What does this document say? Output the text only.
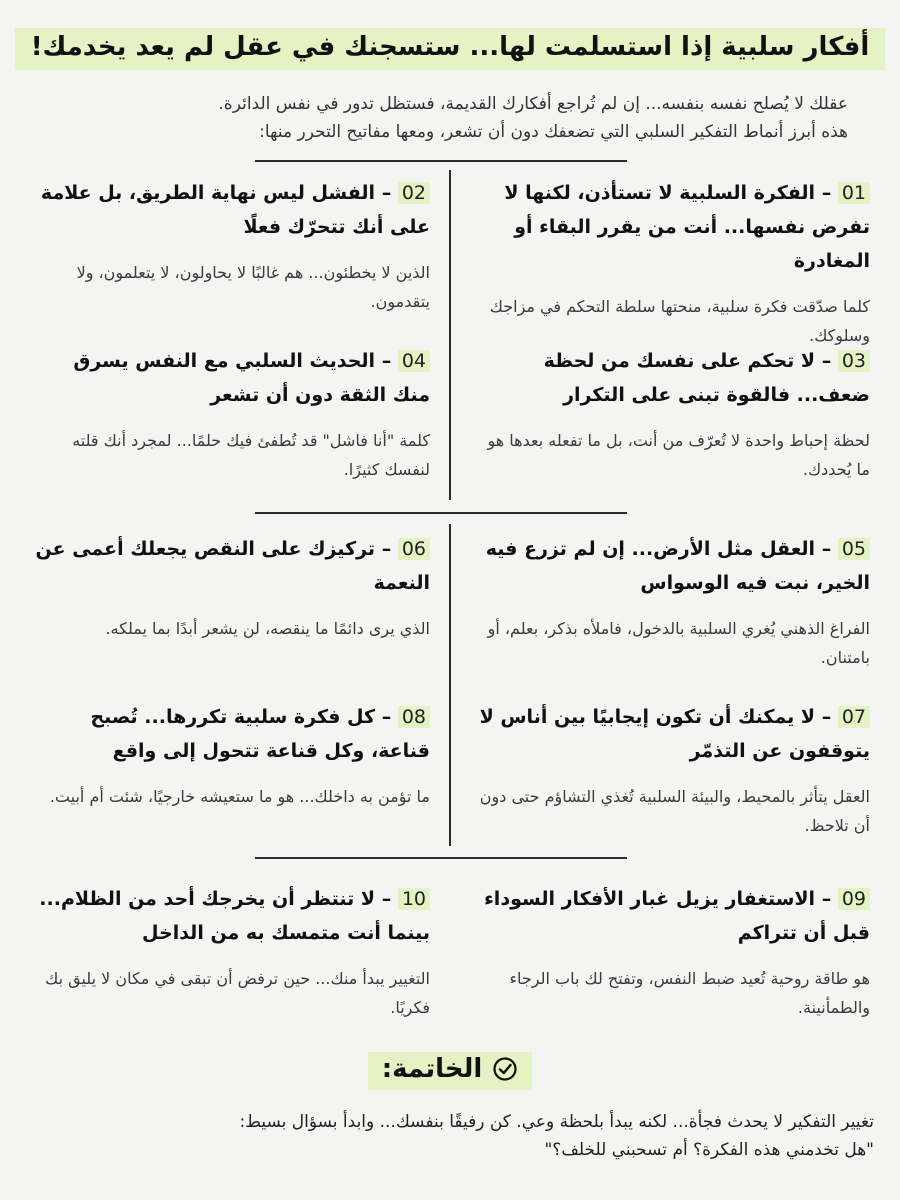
أفكار سلبية إذا استسلمت لها... ستسجنك في عقل لم يعد يخدمك!
عقلك لا يُصلح نفسه بنفسه... إن لم تُراجع أفكارك القديمة، فستظل تدور في نفس الدائرة.
هذه أبرز أنماط التفكير السلبي التي تضعفك دون أن تشعر، ومعها مفاتيح التحرر منها:
01 – الفكرة السلبية لا تستأذن، لكنها لا تفرض نفسها... أنت من يقرر البقاء أو المغادرة
كلما صدّقت فكرة سلبية، منحتها سلطة التحكم في مزاجك وسلوكك.
02 – الفشل ليس نهاية الطريق، بل علامة على أنك تتحرّك فعلًا
الذين لا يخطئون... هم غالبًا لا يحاولون، لا يتعلمون، ولا يتقدمون.
03 – لا تحكم على نفسك من لحظة ضعف... فالقوة تبنى على التكرار
لحظة إحباط واحدة لا تُعرّف من أنت، بل ما تفعله بعدها هو ما يُحددك.
04 – الحديث السلبي مع النفس يسرق منك الثقة دون أن تشعر
كلمة "أنا فاشل" قد تُطفئ فيك حلمًا... لمجرد أنك قلته لنفسك كثيرًا.
05 – العقل مثل الأرض... إن لم تزرع فيه الخير، نبت فيه الوسواس
الفراغ الذهني يُغري السلبية بالدخول، فاملأه بذكر، بعلم، أو بامتنان.
06 – تركيزك على النقص يجعلك أعمى عن النعمة
الذي يرى دائمًا ما ينقصه، لن يشعر أبدًا بما يملكه.
07 – لا يمكنك أن تكون إيجابيًا بين أناس لا يتوقفون عن التذمّر
العقل يتأثر بالمحيط، والبيئة السلبية تُغذي التشاؤم حتى دون أن تلاحظ.
08 – كل فكرة سلبية تكررها... تُصبح قناعة، وكل قناعة تتحول إلى واقع
ما تؤمن به داخلك... هو ما ستعيشه خارجيًا، شئت أم أبيت.
09 – الاستغفار يزيل غبار الأفكار السوداء قبل أن تتراكم
هو طاقة روحية تُعيد ضبط النفس، وتفتح لك باب الرجاء والطمأنينة.
10 – لا تنتظر أن يخرجك أحد من الظلام... بينما أنت متمسك به من الداخل
التغيير يبدأ منك... حين ترفض أن تبقى في مكان لا يليق بك فكريًا.
الخاتمة:
تغيير التفكير لا يحدث فجأة... لكنه يبدأ بلحظة وعي. كن رفيقًا بنفسك... وابدأ بسؤال بسيط:
"هل تخدمني هذه الفكرة؟ أم تسحبني للخلف؟"
